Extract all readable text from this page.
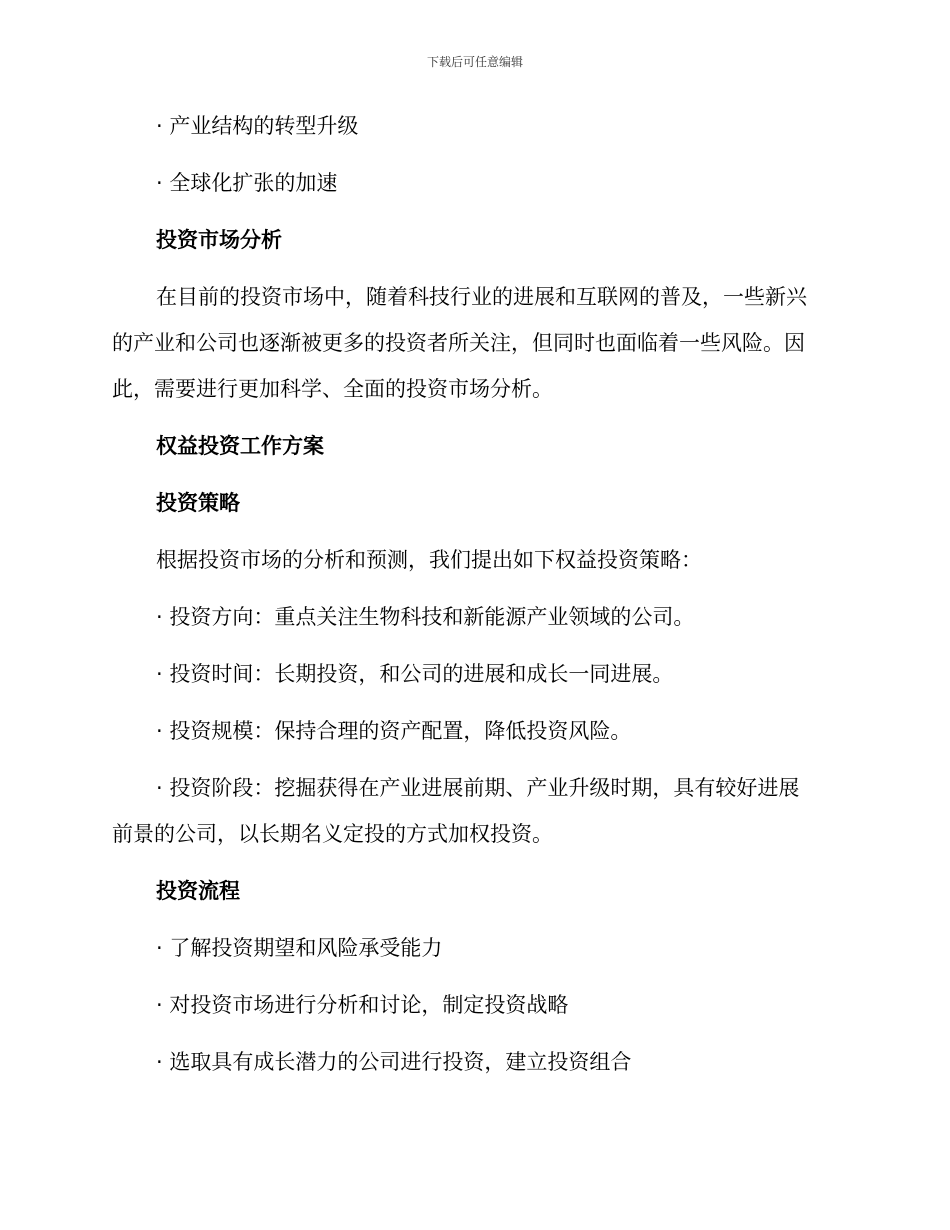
下载后可任意编辑
· 产业结构的转型升级
· 全球化扩张的加速
投资市场分析
在目前的投资市场中，随着科技行业的进展和互联网的普及，一些新兴
的产业和公司也逐渐被更多的投资者所关注，但同时也面临着一些风险。因
此，需要进行更加科学、全面的投资市场分析。
权益投资工作方案
投资策略
根据投资市场的分析和预测，我们提出如下权益投资策略：
· 投资方向：重点关注生物科技和新能源产业领域的公司。
· 投资时间：长期投资，和公司的进展和成长一同进展。
· 投资规模：保持合理的资产配置，降低投资风险。
· 投资阶段：挖掘获得在产业进展前期、产业升级时期，具有较好进展
前景的公司，以长期名义定投的方式加权投资。
投资流程
· 了解投资期望和风险承受能力
· 对投资市场进行分析和讨论，制定投资战略
· 选取具有成长潜力的公司进行投资，建立投资组合
